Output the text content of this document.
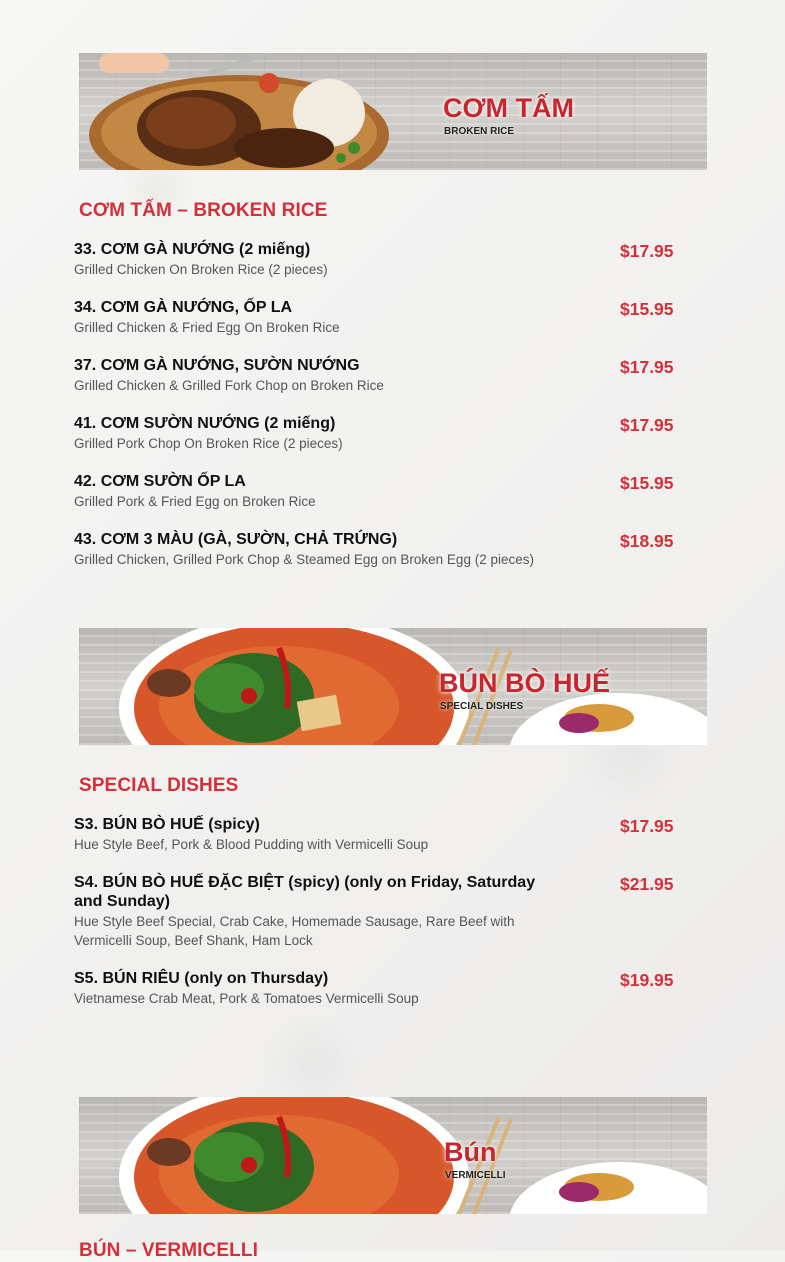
CƠM TẤM
BROKEN RICE
CƠM TẤM – BROKEN RICE
33. CƠM GÀ NƯỚNG (2 miếng)
Grilled Chicken On Broken Rice (2 pieces)
$17.95
34. CƠM GÀ NƯỚNG, ỐP LA
Grilled Chicken & Fried Egg On Broken Rice
$15.95
37. CƠM GÀ NƯỚNG, SƯỜN NƯỚNG
Grilled Chicken & Grilled Fork Chop on Broken Rice
$17.95
41. CƠM SƯỜN NƯỚNG (2 miếng)
Grilled Pork Chop On Broken Rice (2 pieces)
$17.95
42. CƠM SƯỜN ỐP LA
Grilled Pork & Fried Egg on Broken Rice
$15.95
43. CƠM 3 MÀU (GÀ, SƯỜN, CHẢ TRỨNG)
Grilled Chicken, Grilled Pork Chop & Steamed Egg on Broken Egg (2 pieces)
$18.95
BÚN BÒ HUẾ
SPECIAL DISHES
SPECIAL DISHES
S3. BÚN BÒ HUẾ (spicy)
Hue Style Beef, Pork & Blood Pudding with Vermicelli Soup
$17.95
S4. BÚN BÒ HUẾ ĐẶC BIỆT (spicy) (only on Friday, Saturday and Sunday)
Hue Style Beef Special, Crab Cake, Homemade Sausage, Rare Beef with Vermicelli Soup, Beef Shank, Ham Lock
$21.95
S5. BÚN RIÊU (only on Thursday)
Vietnamese Crab Meat, Pork & Tomatoes Vermicelli Soup
$19.95
Bún
VERMICELLI
BÚN – VERMICELLI
